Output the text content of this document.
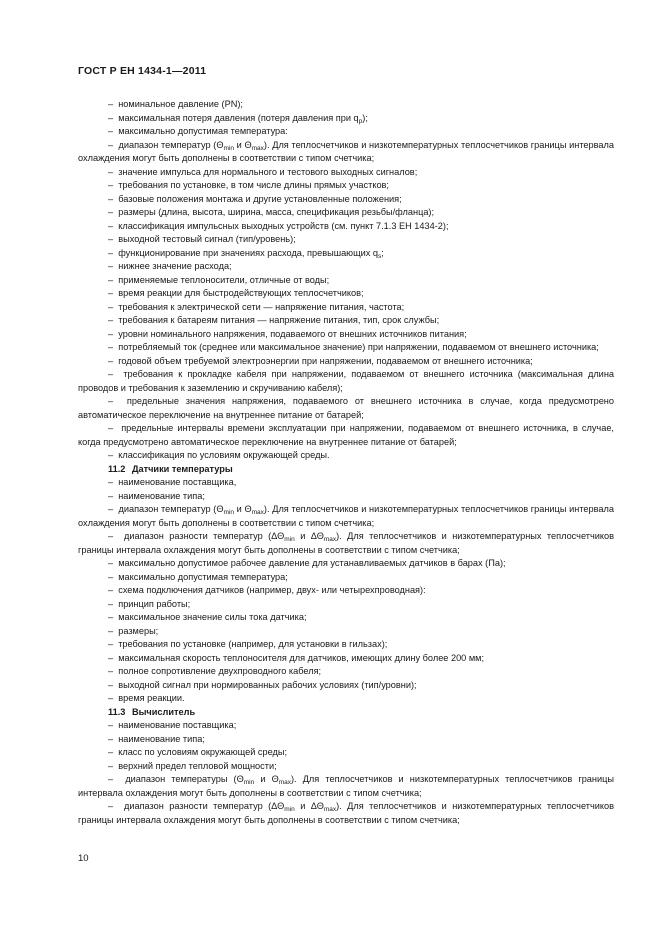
ГОСТ Р ЕН 1434-1—2011

–  номинальное давление (PN);

–  максимальная потеря давления (потеря давления при $q_p$);

–  максимально допустимая температура:

–  диапазон температур ($\Theta_{min}$ и $\Theta_{max}$). Для теплосчетчиков и низкотемпературных теплосчетчиков границы интервала охлаждения могут быть дополнены в соответствии с типом счетчика;

–  значение импульса для нормального и тестового выходных сигналов;

–  требования по установке, в том числе длины прямых участков;

–  базовые положения монтажа и другие установленные положения;

–  размеры (длина, высота, ширина, масса, спецификация резьбы/фланца);

–  классификация импульсных выходных устройств (см. пункт 7.1.3 ЕН 1434-2);

–  выходной тестовый сигнал (тип/уровень);

–  функционирование при значениях расхода, превышающих $q_s$;

–  нижнее значение расхода;

–  применяемые теплоносители, отличные от воды;

–  время реакции для быстродействующих теплосчетчиков;

–  требования к электрической сети — напряжение питания, частота;

–  требования к батареям питания — напряжение питания, тип, срок службы;

–  уровни номинального напряжения, подаваемого от внешних источников питания;

–  потребляемый ток (среднее или максимальное значение) при напряжении, подаваемом от внешнего источника;

–  годовой объем требуемой электроэнергии при напряжении, подаваемом от внешнего источника;

–  требования к прокладке кабеля при напряжении, подаваемом от внешнего источника (максимальная длина проводов и требования к заземлению и скручиванию кабеля);

–  предельные значения напряжения, подаваемого от внешнего источника в случае, когда предусмотрено автоматическое переключение на внутреннее питание от батарей;

–  предельные интервалы времени эксплуатации при напряжении, подаваемом от внешнего источника, в случае, когда предусмотрено автоматическое переключение на внутреннее питание от батарей;

–  классификация по условиям окружающей среды.

11.2 Датчики температуры

–  наименование поставщика,

–  наименование типа;

–  диапазон температур ($\Theta_{min}$ и $\Theta_{max}$). Для теплосчетчиков и низкотемпературных теплосчетчиков границы интервала охлаждения могут быть дополнены в соответствии с типом счетчика;

–  диапазон разности температур ($\Delta\Theta_{min}$ и $\Delta\Theta_{max}$). Для теплосчетчиков и низкотемпературных теплосчетчиков границы интервала охлаждения могут быть дополнены в соответствии с типом счетчика;

–  максимально допустимое рабочее давление для устанавливаемых датчиков в барах (Па);

–  максимально допустимая температура;

–  схема подключения датчиков (например, двух- или четырехпроводная):

–  принцип работы;

–  максимальное значение силы тока датчика;

–  размеры;

–  требования по установке (например, для установки в гильзах);

–  максимальная скорость теплоносителя для датчиков, имеющих длину более 200 мм;

–  полное сопротивление двухпроводного кабеля;

–  выходной сигнал при нормированных рабочих условиях (тип/уровни);

–  время реакции.

11.3 Вычислитель

–  наименование поставщика;

–  наименование типа;

–  класс по условиям окружающей среды;

–  верхний предел тепловой мощности;

–  диапазон температуры ($\Theta_{min}$ и $\Theta_{max}$). Для теплосчетчиков и низкотемпературных теплосчетчиков границы интервала охлаждения могут быть дополнены в соответствии с типом счетчика;

–  диапазон разности температур ($\Delta\Theta_{min}$ и $\Delta\Theta_{max}$). Для теплосчетчиков и низкотемпературных теплосчетчиков границы интервала охлаждения могут быть дополнены в соответствии с типом счетчика;

10
